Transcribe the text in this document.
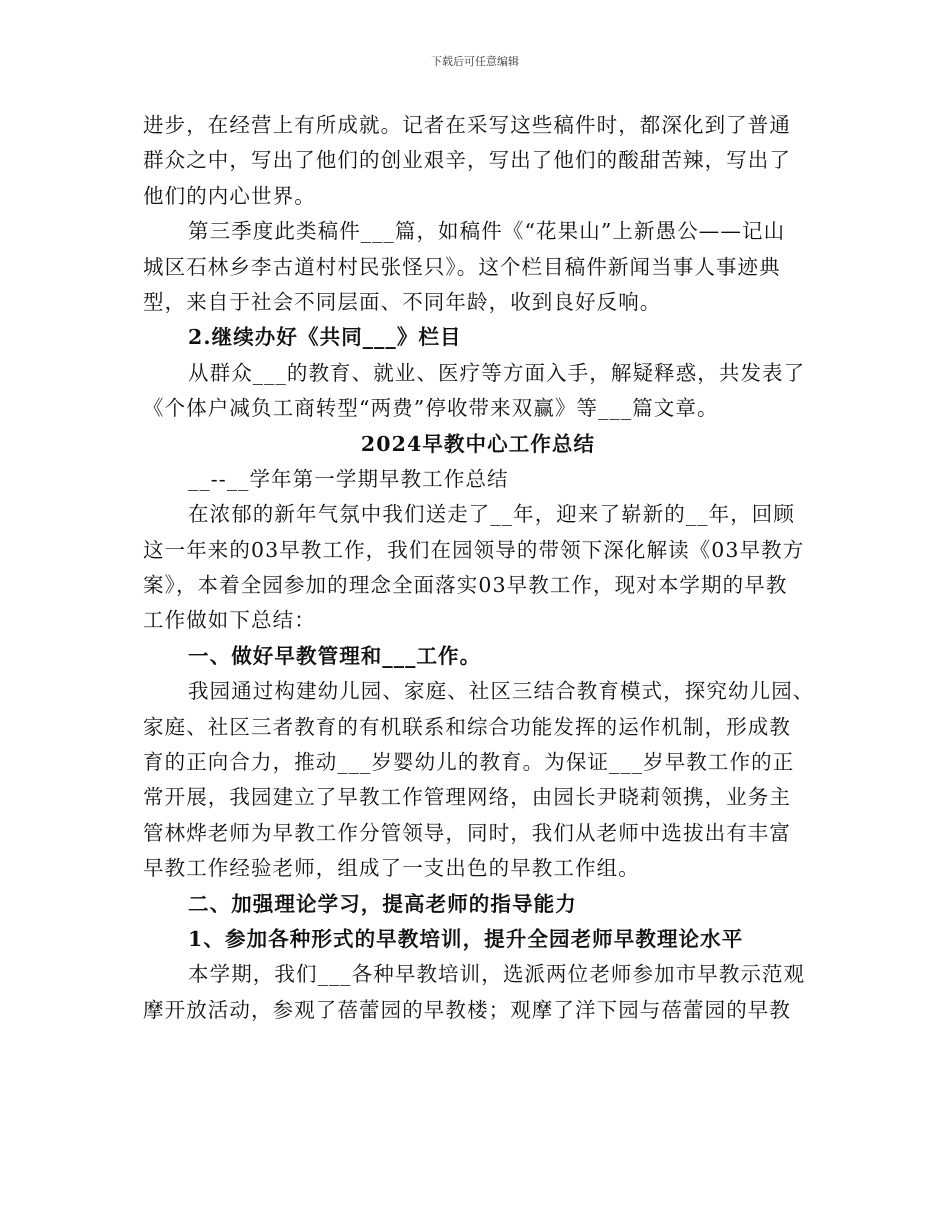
下载后可任意编辑
进步，在经营上有所成就。记者在采写这些稿件时，都深化到了普通
群众之中，写出了他们的创业艰辛，写出了他们的酸甜苦辣，写出了
他们的内心世界。
第三季度此类稿件___篇，如稿件《“花果山”上新愚公——记山
城区石林乡李古道村村民张怪只》。这个栏目稿件新闻当事人事迹典
型，来自于社会不同层面、不同年龄，收到良好反响。
2.继续办好《共同___》栏目
从群众___的教育、就业、医疗等方面入手，解疑释惑，共发表了
《个体户减负工商转型“两费”停收带来双赢》等___篇文章。
2024早教中心工作总结
__--__学年第一学期早教工作总结
在浓郁的新年气氛中我们送走了__年，迎来了崭新的__年，回顾
这一年来的03早教工作，我们在园领导的带领下深化解读《03早教方
案》，本着全园参加的理念全面落实03早教工作，现对本学期的早教
工作做如下总结：
一、做好早教管理和___工作。
我园通过构建幼儿园、家庭、社区三结合教育模式，探究幼儿园、
家庭、社区三者教育的有机联系和综合功能发挥的运作机制，形成教
育的正向合力，推动___岁婴幼儿的教育。为保证___岁早教工作的正
常开展，我园建立了早教工作管理网络，由园长尹晓莉领携，业务主
管林烨老师为早教工作分管领导，同时，我们从老师中选拔出有丰富
早教工作经验老师，组成了一支出色的早教工作组。
二、加强理论学习，提高老师的指导能力
1、参加各种形式的早教培训，提升全园老师早教理论水平
本学期，我们___各种早教培训，选派两位老师参加市早教示范观
摩开放活动，参观了蓓蕾园的早教楼；观摩了洋下园与蓓蕾园的早教
